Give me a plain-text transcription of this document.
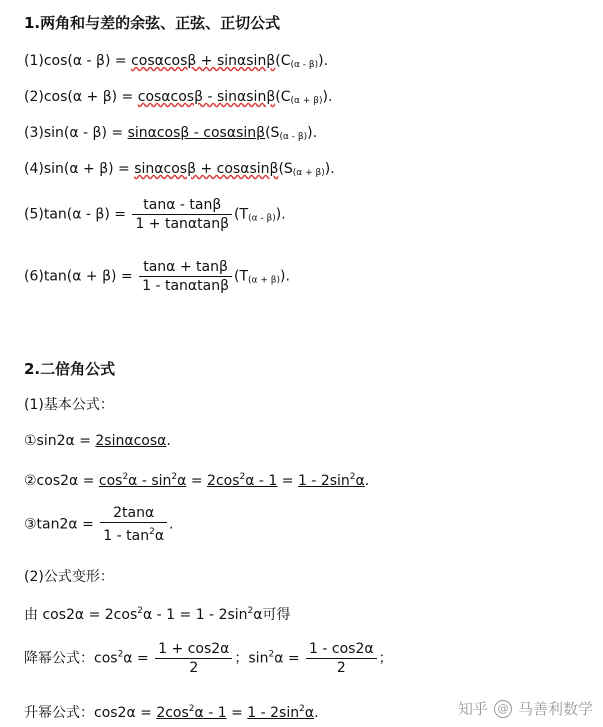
1.两角和与差的余弦、正弦、正切公式
$(1)\cos(\alpha - \beta) = \cos\alpha\cos\beta + \sin\alpha\sin\beta(C_{(\alpha - \beta)})$.
$(2)\cos(\alpha + \beta) = \cos\alpha\cos\beta - \sin\alpha\sin\beta(C_{(\alpha + \beta)})$.
$(3)\sin(\alpha - \beta) = \sin\alpha\cos\beta - \cos\alpha\sin\beta(S_{(\alpha - \beta)})$.
$(4)\sin(\alpha + \beta) = \sin\alpha\cos\beta + \cos\alpha\sin\beta(S_{(\alpha + \beta)})$.
$(5)\tan(\alpha - \beta) = \frac{\tan\alpha - \tan\beta}{1 + \tan\alpha\tan\beta} (T_{(\alpha - \beta)})$.
$(6)\tan(\alpha + \beta) = \frac{\tan\alpha + \tan\beta}{1 - \tan\alpha\tan\beta} (T_{(\alpha + \beta)})$.
2.二倍角公式
(1)基本公式：
①sin2α = 2sinαcosα.
②cos2α = $\cos^2\alpha - \sin^2\alpha = 2\cos^2\alpha - 1 = 1 - 2\sin^2\alpha$.
③tan2α = $\frac{2\tan\alpha}{1 - \tan^2\alpha}$ .
(2)公式变形：
由 $\cos 2\alpha = 2\cos^2\alpha - 1 = 1 - 2\sin^2\alpha$可得
降幂公式：$\cos^2\alpha = \frac{1 + \cos 2\alpha}{2}$ ；$\sin^2\alpha = \frac{1 - \cos 2\alpha}{2}$ ；
升幂公式：$\cos 2\alpha = 2\cos^2\alpha - 1 = 1 - 2\sin^2\alpha$.	知乎 @ 马善利数学
